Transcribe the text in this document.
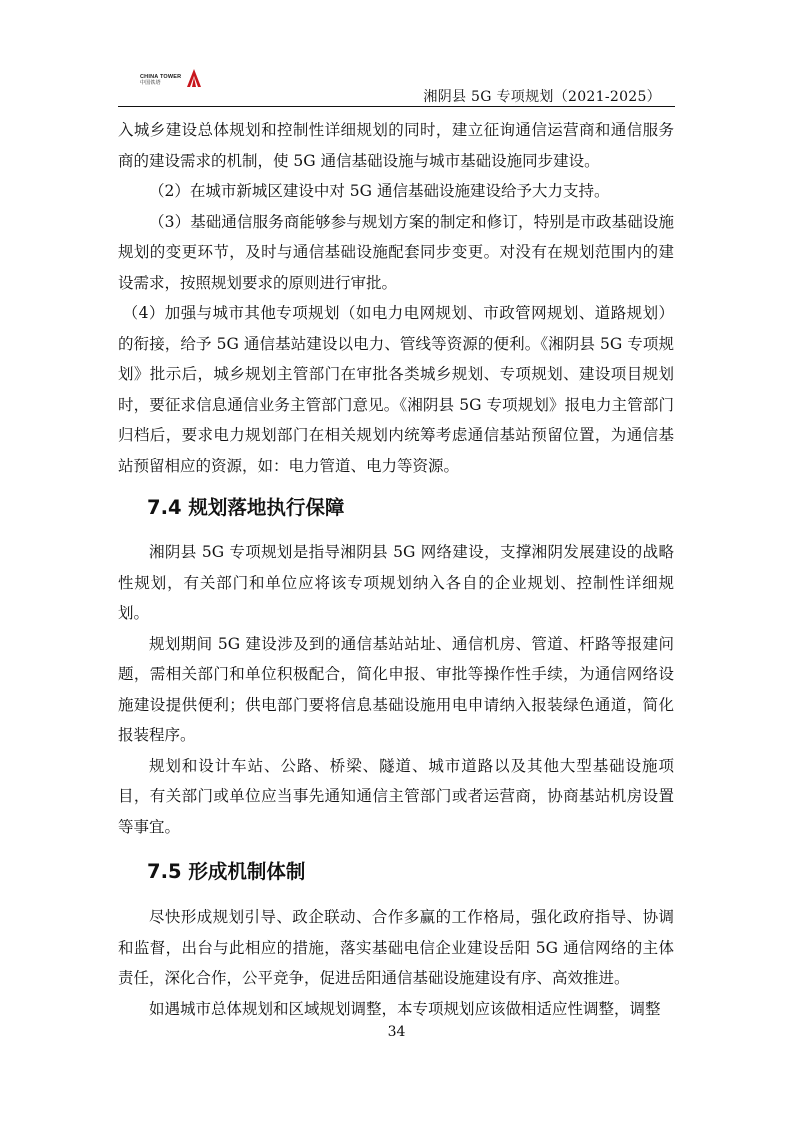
CHINA TOWER
中国铁塔
湘阴县 5G 专项规划（2021-2025）

入城乡建设总体规划和控制性详细规划的同时，建立征询通信运营商和通信服务商的建设需求的机制，使 5G 通信基础设施与城市基础设施同步建设。

（2）在城市新城区建设中对 5G 通信基础设施建设给予大力支持。

（3）基础通信服务商能够参与规划方案的制定和修订，特别是市政基础设施规划的变更环节，及时与通信基础设施配套同步变更。对没有在规划范围内的建设需求，按照规划要求的原则进行审批。

（4）加强与城市其他专项规划（如电力电网规划、市政管网规划、道路规划）的衔接，给予 5G 通信基站建设以电力、管线等资源的便利。《湘阴县 5G 专项规划》批示后，城乡规划主管部门在审批各类城乡规划、专项规划、建设项目规划时，要征求信息通信业务主管部门意见。《湘阴县 5G 专项规划》报电力主管部门归档后，要求电力规划部门在相关规划内统筹考虑通信基站预留位置，为通信基站预留相应的资源，如：电力管道、电力等资源。

7.4 规划落地执行保障

湘阴县 5G 专项规划是指导湘阴县 5G 网络建设，支撑湘阴发展建设的战略性规划，有关部门和单位应将该专项规划纳入各自的企业规划、控制性详细规划。

规划期间 5G 建设涉及到的通信基站站址、通信机房、管道、杆路等报建问题，需相关部门和单位积极配合，简化申报、审批等操作性手续，为通信网络设施建设提供便利；供电部门要将信息基础设施用电申请纳入报装绿色通道，简化报装程序。

规划和设计车站、公路、桥梁、隧道、城市道路以及其他大型基础设施项目，有关部门或单位应当事先通知通信主管部门或者运营商，协商基站机房设置等事宜。

7.5 形成机制体制

尽快形成规划引导、政企联动、合作多赢的工作格局，强化政府指导、协调和监督，出台与此相应的措施，落实基础电信企业建设岳阳 5G 通信网络的主体责任，深化合作，公平竞争，促进岳阳通信基础设施建设有序、高效推进。

如遇城市总体规划和区域规划调整，本专项规划应该做相适应性调整，调整

34
